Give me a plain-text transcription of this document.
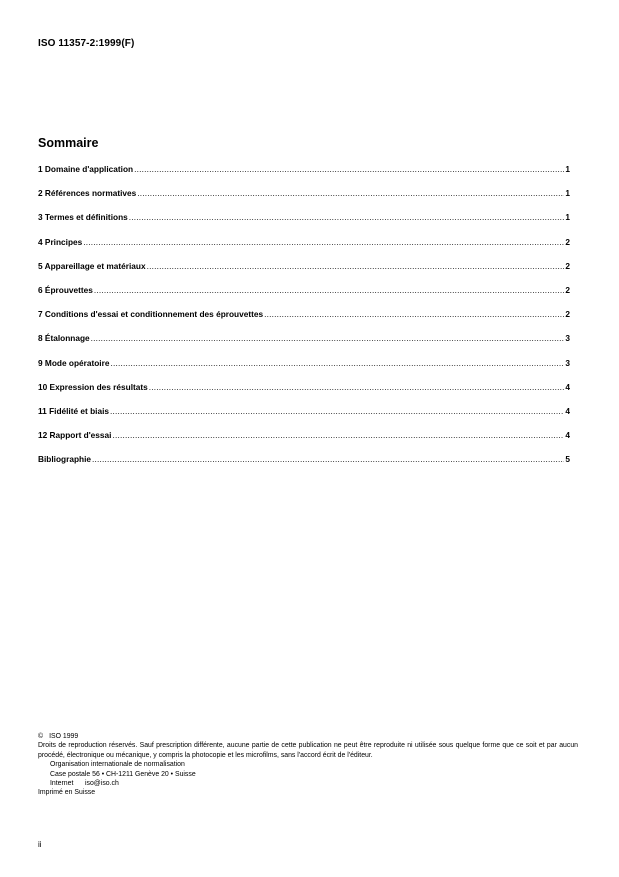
ISO 11357-2:1999(F)
Sommaire
1 Domaine d'application .....	1
2 Références normatives .....	1
3 Termes et définitions .....	1
4 Principes .....	2
5 Appareillage et matériaux .....	2
6 Éprouvettes .....	2
7 Conditions d'essai et conditionnement des éprouvettes .....	2
8 Étalonnage .....	3
9 Mode opératoire .....	3
10 Expression des résultats .....	4
11 Fidélité et biais .....	4
12 Rapport d'essai .....	4
Bibliographie .....	5

© ISO 1999

Droits de reproduction réservés. Sauf prescription différente, aucune partie de cette publication ne peut être reproduite ni utilisée sous quelque forme que ce soit et par aucun procédé, électronique ou mécanique, y compris la photocopie et les microfilms, sans l'accord écrit de l'éditeur.

Organisation internationale de normalisation

Case postale 56 • CH-1211 Genève 20 • Suisse

Internet iso@iso.ch

Imprimé en Suisse

ii
